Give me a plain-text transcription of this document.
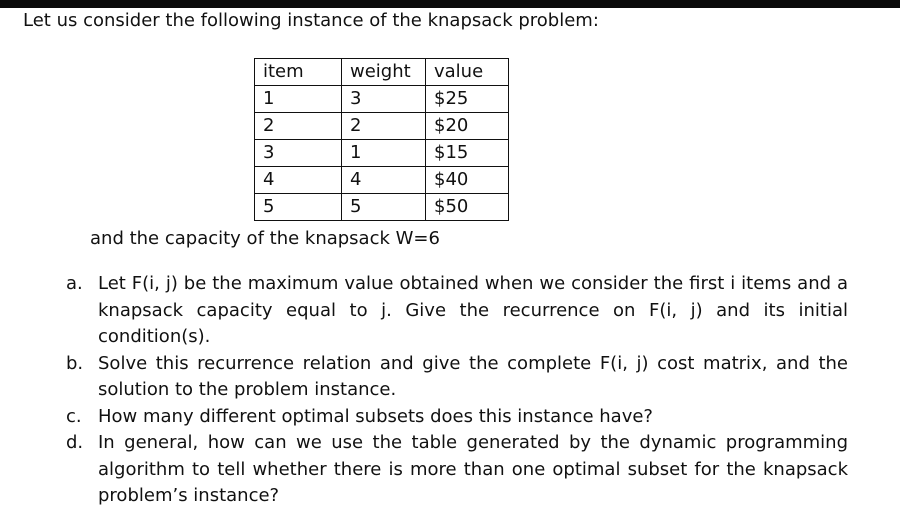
Let us consider the following instance of the knapsack problem:
item	weight	value
1	3	$25
2	2	$20
3	1	$15
4	4	$40
5	5	$50
and the capacity of the knapsack W=6
a. Let F(i, j) be the maximum value obtained when we consider the first i items and a knapsack capacity equal to j. Give the recurrence on F(i, j) and its initial condition(s).
b. Solve this recurrence relation and give the complete F(i, j) cost matrix, and the solution to the problem instance.
c. How many different optimal subsets does this instance have?
d. In general, how can we use the table generated by the dynamic programming algorithm to tell whether there is more than one optimal subset for the knapsack problem’s instance?
